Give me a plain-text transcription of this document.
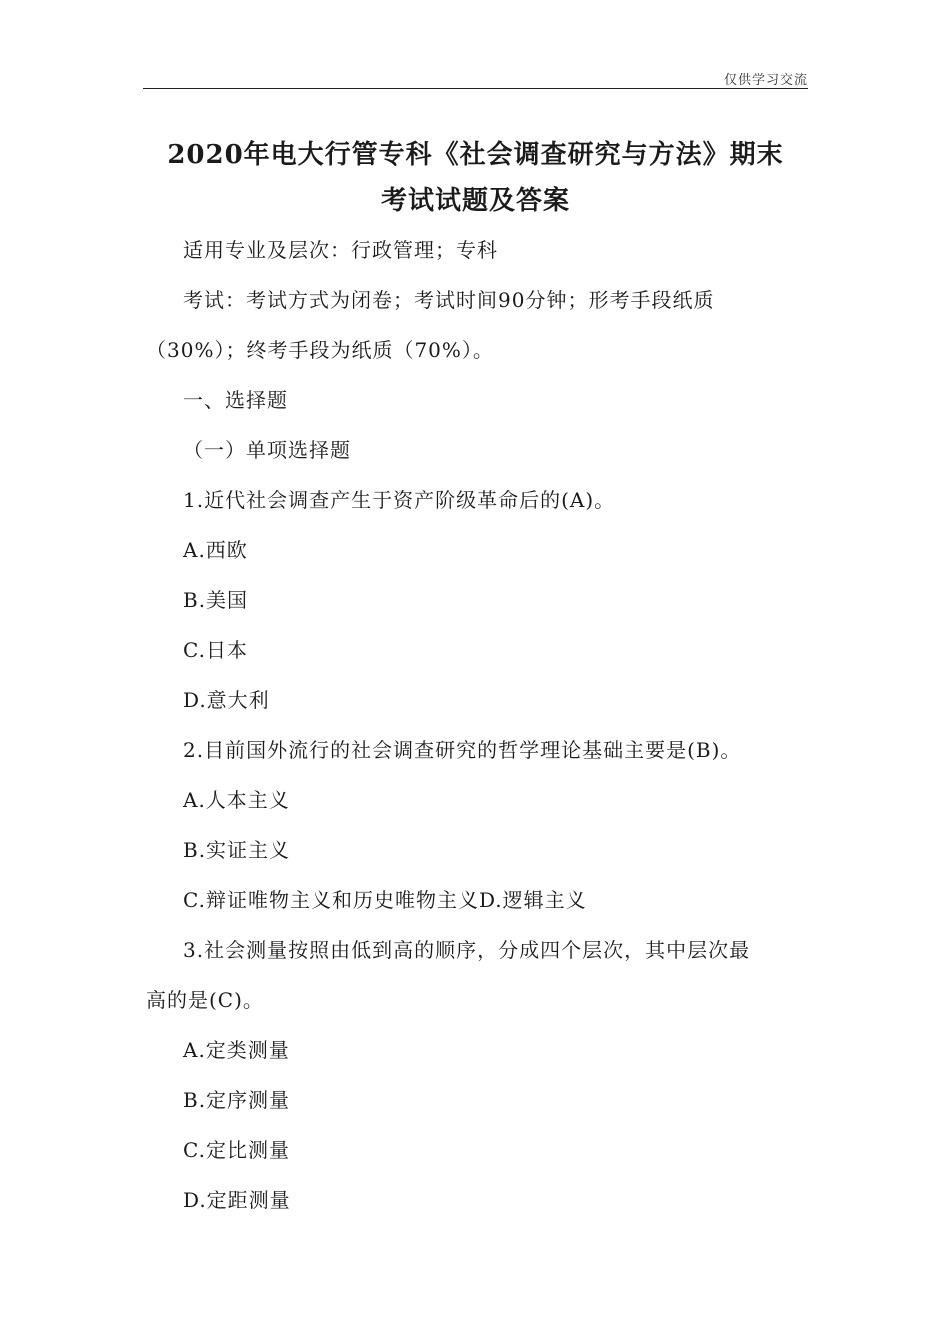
仅供学习交流
2020年电大行管专科《社会调查研究与方法》期末
考试试题及答案
适用专业及层次：行政管理；专科
考试：考试方式为闭卷；考试时间90分钟；形考手段纸质
（30%）；终考手段为纸质（70%）。
一、选择题
（一）单项选择题
1.近代社会调查产生于资产阶级革命后的(A)。
A.西欧
B.美国
C.日本
D.意大利
2.目前国外流行的社会调查研究的哲学理论基础主要是(B)。
A.人本主义
B.实证主义
C.辩证唯物主义和历史唯物主义D.逻辑主义
3.社会测量按照由低到高的顺序，分成四个层次，其中层次最
高的是(C)。
A.定类测量
B.定序测量
C.定比测量
D.定距测量
